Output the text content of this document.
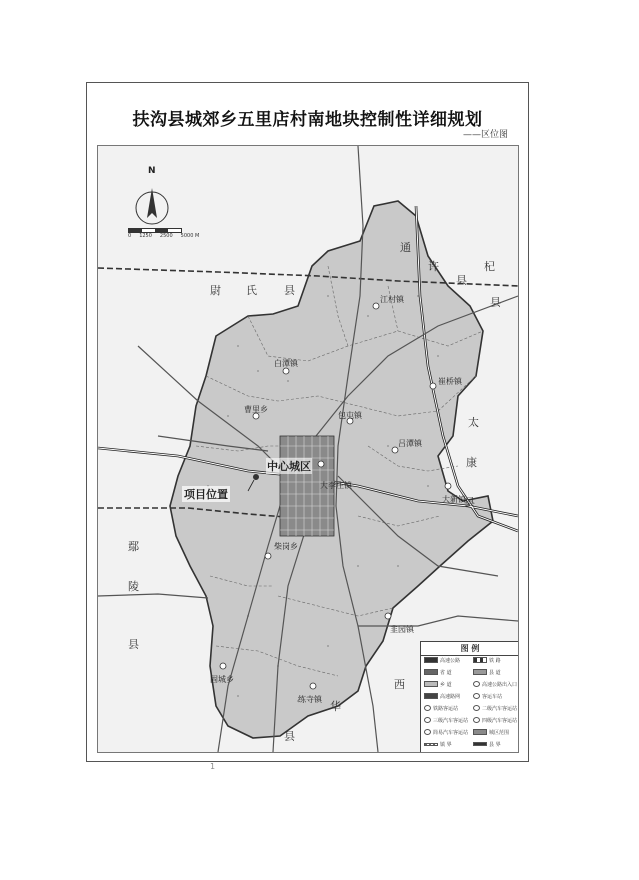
扶沟县城郊乡五里店村南地块控制性详细规划
——区位图
N
0 1250 2500 5000 M
尉 氏 县
通
许
县
杞
县
太
康
县
鄢
陵
县
西
华
县
江村镇
崔桥镇
白潭镇
曹里乡
包屯镇
大李庄镇
吕潭镇
柴岗乡
大新镇
韭园镇
练寺镇
固城乡
中心城区
项目位置
图 例
高速公路	铁 路
省 道	县 道
乡 道	高速公路出入口
高速路网	客运车站
铁路客运站	二级汽车客运站
三级汽车客运站	四级汽车客运站
简易汽车客运站	城区范围
镇 界	县 界
1
